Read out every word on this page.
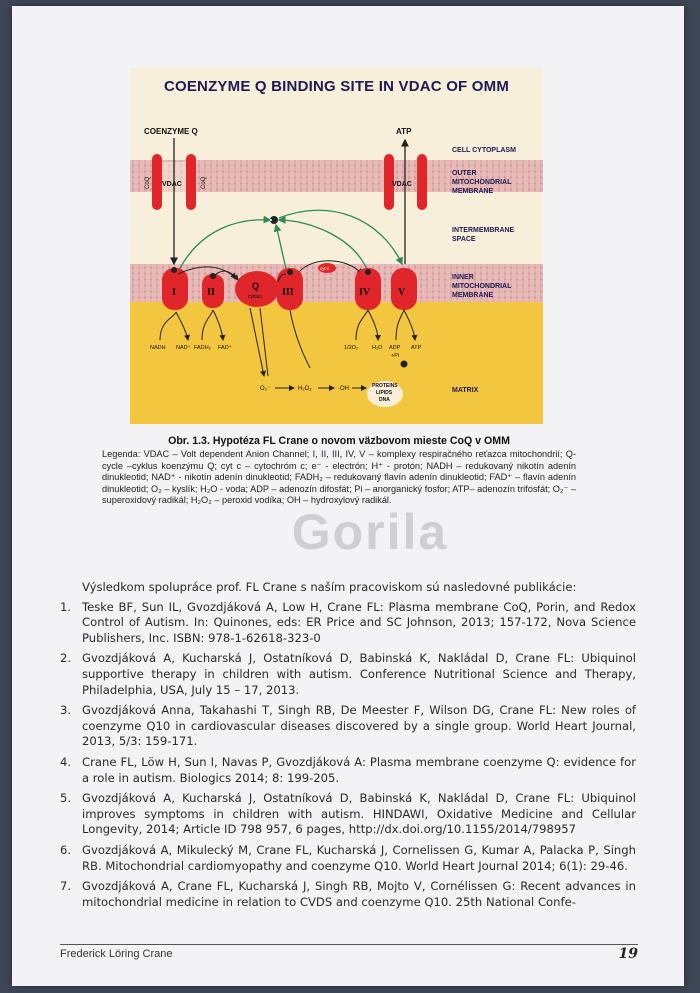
CELL CYTOPLASM
OUTER
MITOCHONDRIAL
MEMBRANE
INTERMEMBRANE
SPACE
INNER
MITOCHONDRIAL
MEMBRANE
MATRIX
COENZYME Q	ATP
VDAC
CoQ	CoQ	VDAC
cyt c
I	II
Q
cyklus III	IV	V
NADH NAD⁺ FADH₂ FAD⁺	1/2O₂	H₂O ADP
+Pi
ATP
O₂⁻	H₂O₂	·OH	PROTEINS
LIPIDS
DNA
COENZYME Q BINDING SITE IN VDAC OF OMM
Obr. 1.3. Hypotéza FL Crane o novom väzbovom mieste CoQ v OMM
Legenda: VDAC – Volt dependent Anion Channel; I, II, III, IV, V – komplexy respiračného reťazca mitochondrií; Q-cycle –cyklus koenzýmu Q; cyt c – cytochróm c; e⁻ - electrón; H⁺ - protón; NADH – redukovaný nikotín adenín dinukleotid; NAD⁺ - nikotín adenín dinukleotid; FADH₂ – redukovaný flavín adenín dinukleotid; FAD⁺ – flavín adenín dinukleotid; O₂ – kyslík; H₂O - voda; ADP – adenozín difosfát; Pi – anorganický fosfor; ATP– adenozín trifosfát; O₂⁻ – superoxidový radikál; H₂O₂ – peroxid vodíka; OH – hydroxylový radikál.
Gorila

Výsledkom spolupráce prof. FL Crane s naším pracoviskom sú nasledovné publikácie:

1. Teske BF, Sun IL, Gvozdjáková A, Low H, Crane FL: Plasma membrane CoQ, Porin, and Redox Control of Autism. In: Quinones, eds: ER Price and SC Johnson, 2013; 157-172, Nova Science Publishers, Inc. ISBN: 978-1-62618-323-0
2. Gvozdjáková A, Kucharská J, Ostatníková D, Babinská K, Nakládal D, Crane FL: Ubiquinol supportive therapy in children with autism. Conference Nutritional Science and Therapy, Philadelphia, USA, July 15 – 17, 2013.
3. Gvozdjáková Anna, Takahashi T, Singh RB, De Meester F, Wilson DG, Crane FL: New roles of coenzyme Q10 in cardiovascular diseases discovered by a single group. World Heart Journal, 2013, 5/3: 159-171.
4. Crane FL, Löw H, Sun I, Navas P, Gvozdjáková A: Plasma membrane coenzyme Q: evidence for a role in autism. Biologics 2014; 8: 199-205.
5. Gvozdjáková A, Kucharská J, Ostatníková D, Babinská K, Nakládal D, Crane FL: Ubiquinol improves symptoms in children with autism. HINDAWI, Oxidative Medicine and Cellular Longevity, 2014; Article ID 798 957, 6 pages, http://dx.doi.org/10.1155/2014/798957
6. Gvozdjáková A, Mikulecký M, Crane FL, Kucharská J, Cornelissen G, Kumar A, Palacka P, Singh RB. Mitochondrial cardiomyopathy and coenzyme Q10. World Heart Journal 2014; 6(1): 29-46.
7. Gvozdjáková A, Crane FL, Kucharská J, Singh RB, Mojto V, Cornélissen G: Recent advances in mitochondrial medicine in relation to CVDS and coenzyme Q10. 25th National Confe-
Frederick Löring Crane	19
